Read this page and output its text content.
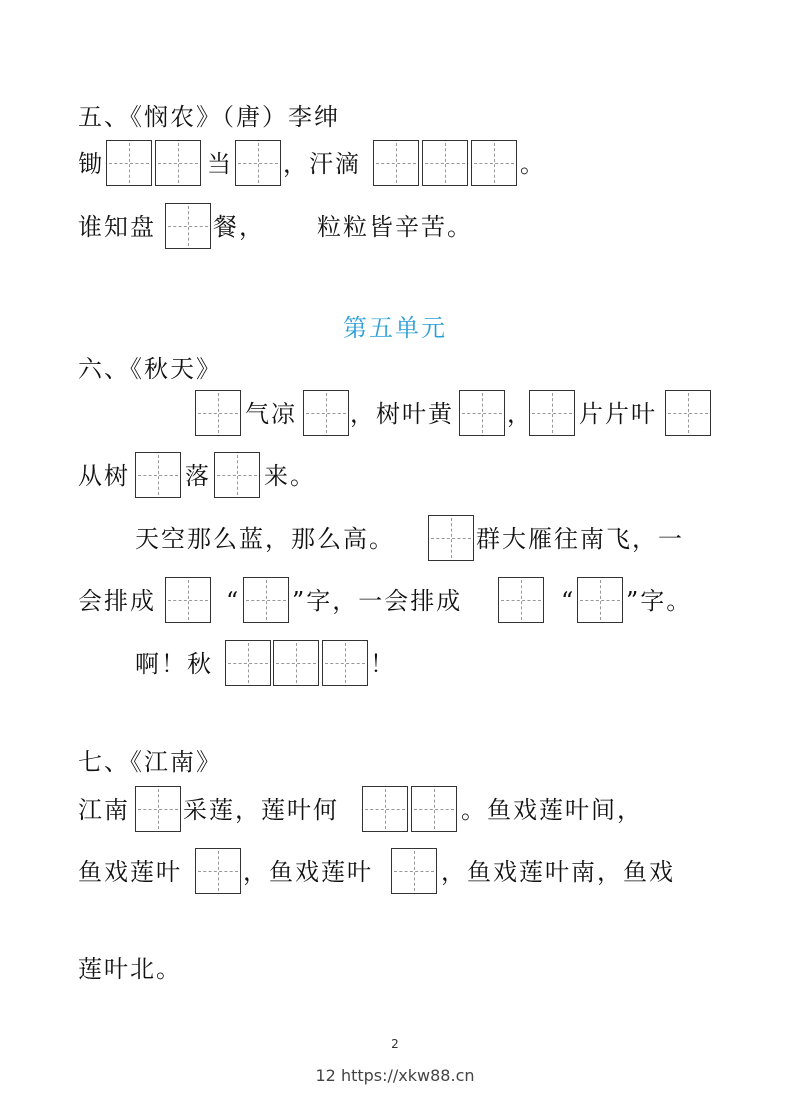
五、《悯农》（唐）李绅
锄	当 ，汗滴	。
谁知盘 餐， 粒粒皆辛苦。
第五单元
六、《秋天》
气凉 ，树叶黄 ， 片片叶
从树 落 来。
天空那么蓝，那么高。	群大雁往南飞，一
会排成	“ ”字，一会排成	“ ”字。
啊！秋	！
七、《江南》
江南 采莲，莲叶何	。鱼戏莲叶间，
鱼戏莲叶	，鱼戏莲叶	，鱼戏莲叶南，鱼戏
莲叶北。
2
12 https://xkw88.cn
